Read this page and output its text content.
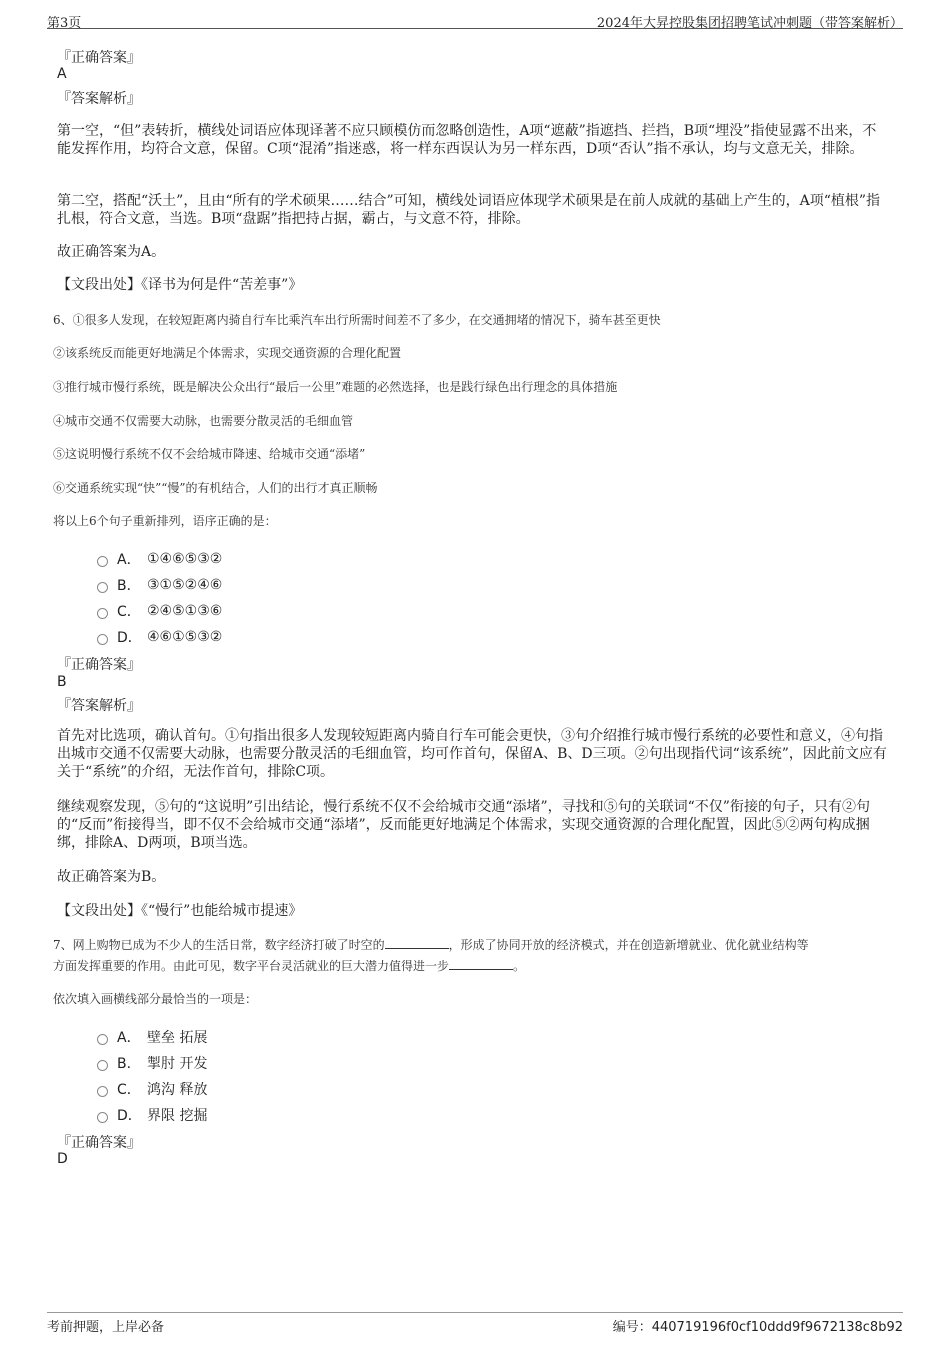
第3页	2024年大昇控股集团招聘笔试冲刺题（带答案解析）
『正确答案』
A
『答案解析』
第一空，“但”表转折，横线处词语应体现译著不应只顾模仿而忽略创造性，A项“遮蔽”指遮挡、拦挡，B项“埋没”指使显露不出来，不能发挥作用，均符合文意，保留。C项“混淆”指迷惑，将一样东西误认为另一样东西，D项“否认”指不承认，均与文意无关，排除。
第二空，搭配“沃土”，且由“所有的学术硕果……结合”可知，横线处词语应体现学术硕果是在前人成就的基础上产生的，A项“植根”指扎根，符合文意，当选。B项“盘踞”指把持占据，霸占，与文意不符，排除。
故正确答案为A。
【文段出处】《译书为何是件“苦差事”》
6、①很多人发现，在较短距离内骑自行车比乘汽车出行所需时间差不了多少，在交通拥堵的情况下，骑车甚至更快
②该系统反而能更好地满足个体需求，实现交通资源的合理化配置
③推行城市慢行系统，既是解决公众出行“最后一公里”难题的必然选择，也是践行绿色出行理念的具体措施
④城市交通不仅需要大动脉，也需要分散灵活的毛细血管
⑤这说明慢行系统不仅不会给城市降速、给城市交通“添堵”
⑥交通系统实现“快”“慢”的有机结合，人们的出行才真正顺畅
将以上6个句子重新排列，语序正确的是：
A． ①④⑥⑤③②
B． ③①⑤②④⑥
C． ②④⑤①③⑥
D． ④⑥①⑤③②
『正确答案』
B
『答案解析』
首先对比选项，确认首句。①句指出很多人发现较短距离内骑自行车可能会更快，③句介绍推行城市慢行系统的必要性和意义，④句指出城市交通不仅需要大动脉，也需要分散灵活的毛细血管，均可作首句，保留A、B、D三项。②句出现指代词“该系统”，因此前文应有关于“系统”的介绍，无法作首句，排除C项。
继续观察发现，⑤句的“这说明”引出结论，慢行系统不仅不会给城市交通“添堵”，寻找和⑤句的关联词“不仅”衔接的句子，只有②句的“反而”衔接得当，即不仅不会给城市交通“添堵”，反而能更好地满足个体需求，实现交通资源的合理化配置，因此⑤②两句构成捆绑，排除A、D两项，B项当选。
故正确答案为B。
【文段出处】《“慢行”也能给城市提速》
7、网上购物已成为不少人的生活日常，数字经济打破了时空的	，形成了协同开放的经济模式，并在创造新增就业、优化就业结构等
方面发挥重要的作用。由此可见，数字平台灵活就业的巨大潜力值得进一步	。
依次填入画横线部分最恰当的一项是：
A． 壁垒 拓展
B． 掣肘 开发
C． 鸿沟 释放
D． 界限 挖掘
『正确答案』
D
考前押题，上岸必备	编号：440719196f0cf10ddd9f9672138c8b92
